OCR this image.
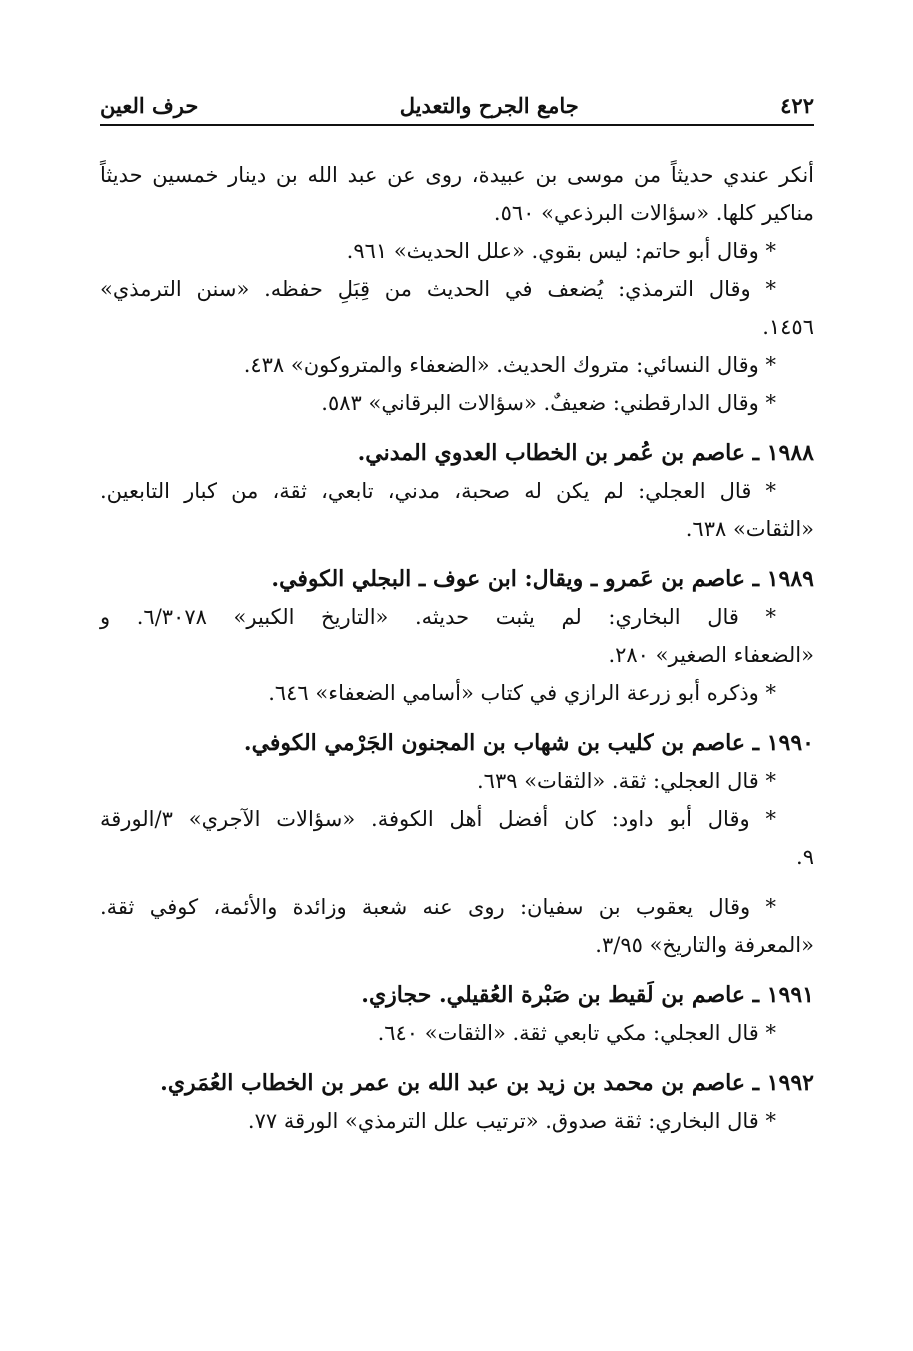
٤٢٢
جامع الجرح والتعديل
حرف العين
أنكر عندي حديثاً من موسى بن عبيدة، روى عن عبد الله بن دينار خمسين حديثاً
مناكير كلها. «سؤالات البرذعي» ٥٦٠.
* وقال أبو حاتم: ليس بقوي. «علل الحديث» ٩٦١.
* وقال الترمذي: يُضعف في الحديث من قِبَلِ حفظه. «سنن الترمذي»
١٤٥٦.
* وقال النسائي: متروك الحديث. «الضعفاء والمتروكون» ٤٣٨.
* وقال الدارقطني: ضعيفٌ. «سؤالات البرقاني» ٥٨٣.
١٩٨٨ ـ عاصم بن عُمر بن الخطاب العدوي المدني.
* قال العجلي: لم يكن له صحبة، مدني، تابعي، ثقة، من كبار التابعين.
«الثقات» ٦٣٨.
١٩٨٩ ـ عاصم بن عَمرو ـ ويقال: ابن عوف ـ البجلي الكوفي.
* قال البخاري: لم يثبت حديثه. «التاريخ الكبير» ٦/٣٠٧٨. و
«الضعفاء الصغير» ٢٨٠.
* وذكره أبو زرعة الرازي في كتاب «أسامي الضعفاء» ٦٤٦.
١٩٩٠ ـ عاصم بن كليب بن شهاب بن المجنون الجَرْمي الكوفي.
* قال العجلي: ثقة. «الثقات» ٦٣٩.
* وقال أبو داود: كان أفضل أهل الكوفة. «سؤالات الآجري» ٣/الورقة
٩.
* وقال يعقوب بن سفيان: روى عنه شعبة وزائدة والأئمة، كوفي ثقة.
«المعرفة والتاريخ» ٣/٩٥.
١٩٩١ ـ عاصم بن لَقيط بن صَبْرة العُقيلي. حجازي.
* قال العجلي: مكي تابعي ثقة. «الثقات» ٦٤٠.
١٩٩٢ ـ عاصم بن محمد بن زيد بن عبد الله بن عمر بن الخطاب العُمَري.
* قال البخاري: ثقة صدوق. «ترتيب علل الترمذي» الورقة ٧٧.
